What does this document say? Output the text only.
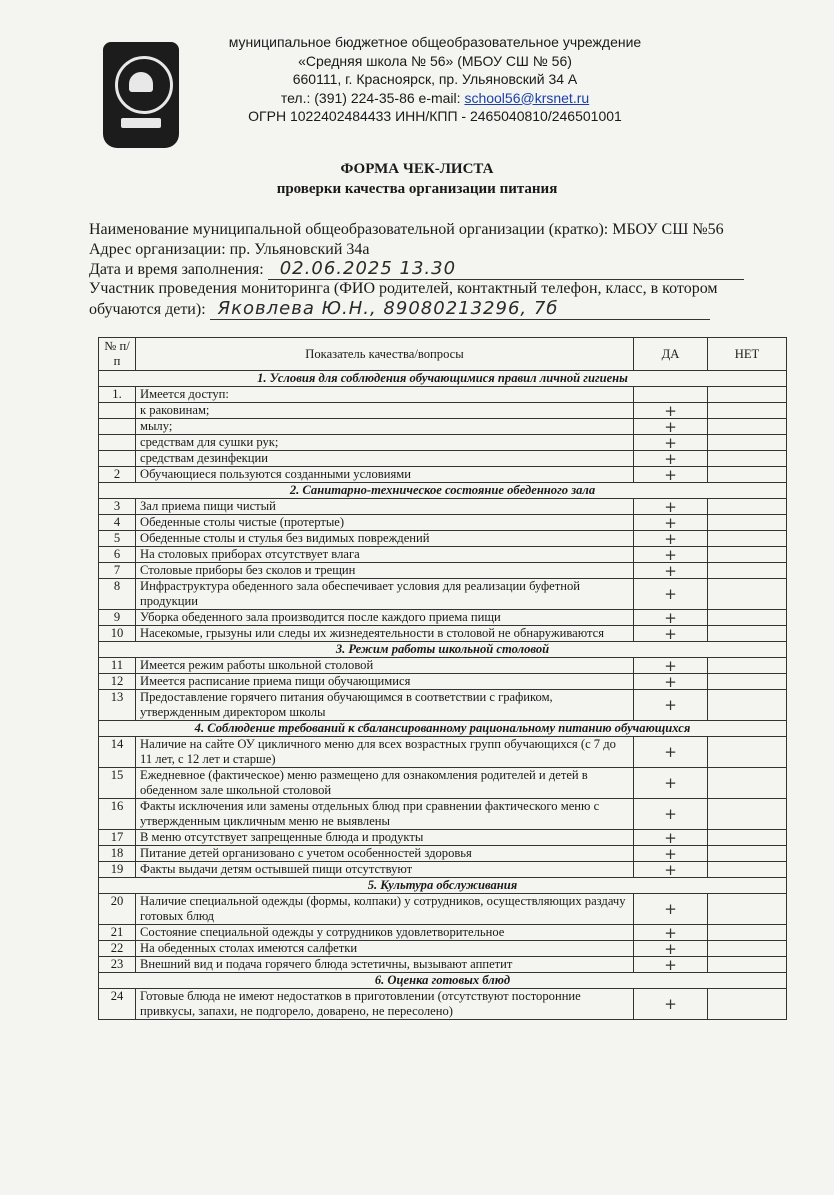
муниципальное бюджетное общеобразовательное учреждение
«Средняя школа № 56» (МБОУ СШ № 56)
660111, г. Красноярск, пр. Ульяновский 34 А
тел.: (391) 224-35-86 e-mail: school56@krsnet.ru
ОГРН 1022402484433 ИНН/КПП - 2465040810/246501001
ФОРМА ЧЕК-ЛИСТА
проверки качества организации питания
Наименование муниципальной общеобразовательной организации (кратко): МБОУ СШ №56
Адрес организации: пр. Ульяновский 34а
Дата и время заполнения: 02.06.2025 13.30
Участник проведения мониторинга (ФИО родителей, контактный телефон, класс, в котором
обучаются дети): Яковлева Ю.Н., 89080213296, 7б
№ п/п	Показатель качества/вопросы	ДА	НЕТ
1. Условия для соблюдения обучающимися правил личной гигиены			
1.	Имеется доступ:		
	к раковинам;	+	
	мылу;	+	
	средствам для сушки рук;	+	
	средствам дезинфекции	+	
2	Обучающиеся пользуются созданными условиями	+	
2. Санитарно-техническое состояние обеденного зала			
3	Зал приема пищи чистый	+	
4	Обеденные столы чистые (протертые)	+	
5	Обеденные столы и стулья без видимых повреждений	+	
6	На столовых приборах отсутствует влага	+	
7	Столовые приборы без сколов и трещин	+	
8	Инфраструктура обеденного зала обеспечивает условия для реализации буфетной продукции	+	
9	Уборка обеденного зала производится после каждого приема пищи	+	
10	Насекомые, грызуны или следы их жизнедеятельности в столовой не обнаруживаются	+	
3. Режим работы школьной столовой			
11	Имеется режим работы школьной столовой	+	
12	Имеется расписание приема пищи обучающимися	+	
13	Предоставление горячего питания обучающимся в соответствии с графиком, утвержденным директором школы	+	
4. Соблюдение требований к сбалансированному рациональному питанию обучающихся			
14	Наличие на сайте ОУ цикличного меню для всех возрастных групп обучающихся (с 7 до 11 лет, с 12 лет и старше)	+	
15	Ежедневное (фактическое) меню размещено для ознакомления родителей и детей в обеденном зале школьной столовой	+	
16	Факты исключения или замены отдельных блюд при сравнении фактического меню с утвержденным цикличным меню не выявлены	+	
17	В меню отсутствует запрещенные блюда и продукты	+	
18	Питание детей организовано с учетом особенностей здоровья	+	
19	Факты выдачи детям остывшей пищи отсутствуют	+	
5. Культура обслуживания			
20	Наличие специальной одежды (формы, колпаки) у сотрудников, осуществляющих раздачу готовых блюд	+	
21	Состояние специальной одежды у сотрудников удовлетворительное	+	
22	На обеденных столах имеются салфетки	+	
23	Внешний вид и подача горячего блюда эстетичны, вызывают аппетит	+	
6. Оценка готовых блюд			
24	Готовые блюда не имеют недостатков в приготовлении (отсутствуют посторонние привкусы, запахи, не подгорело, доварено, не пересолено)	+	
